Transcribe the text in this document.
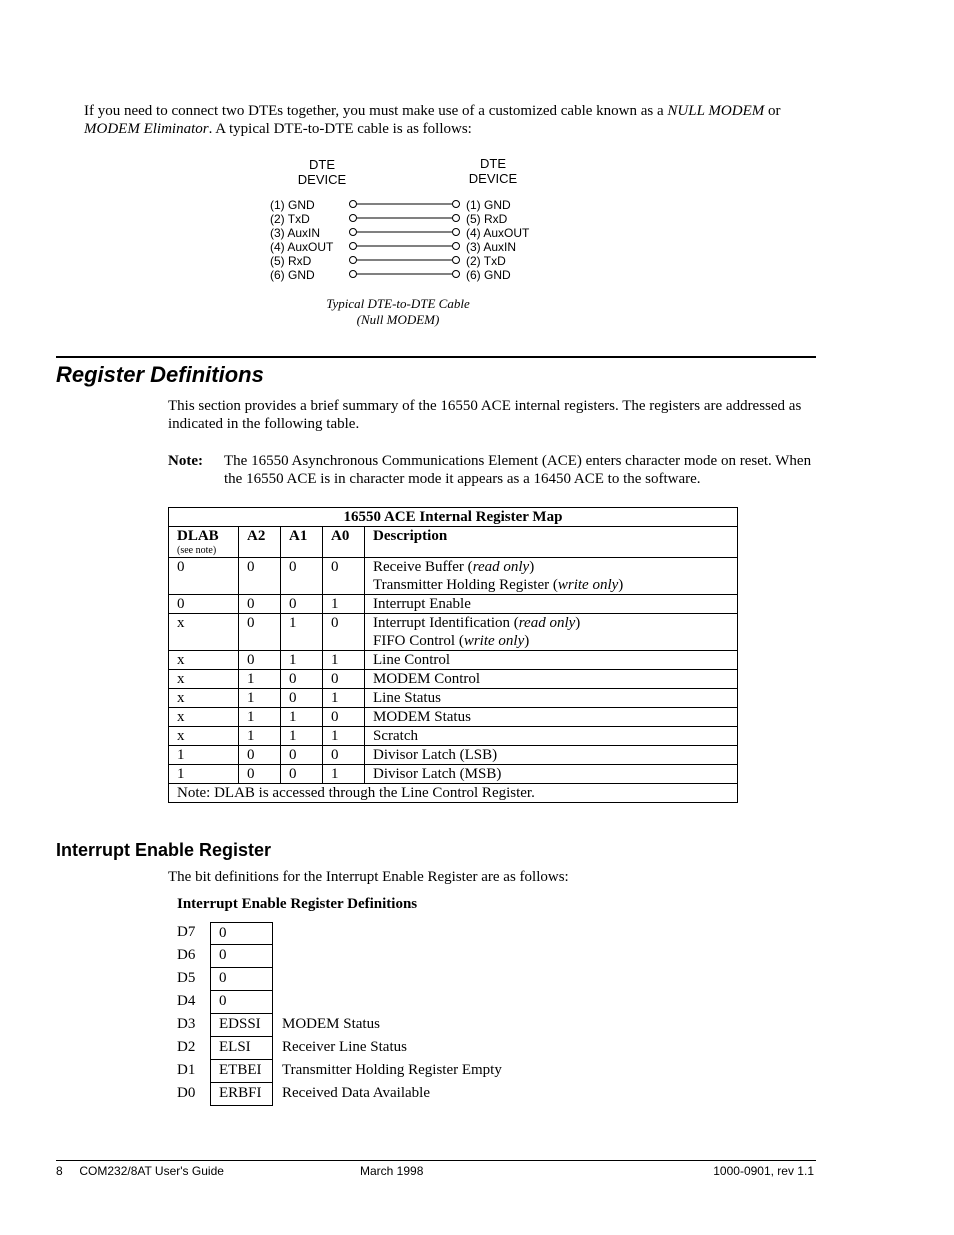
If you need to connect two DTEs together, you must make use of a customized cable known as a NULL MODEM or MODEM Eliminator. A typical DTE-to-DTE cable is as follows:
DTE
DEVICE
DTE
DEVICE
(1) GND
(2) TxD
(3) AuxIN
(4) AuxOUT
(5) RxD
(6) GND
(1) GND
(5) RxD
(4) AuxOUT
(3) AuxIN
(2) TxD
(6) GND
Typical DTE-to-DTE Cable
(Null MODEM)
Register Definitions
This section provides a brief summary of the 16550 ACE internal registers. The registers are addressed as indicated in the following table.
Note: The 16550 Asynchronous Communications Element (ACE) enters character mode on reset. When the 16550 ACE is in character mode it appears as a 16450 ACE to the software.
16550 ACE Internal Register Map				
DLAB
(see note)	A2	A1	A0	Description
0	0	0	0	Receive Buffer (read only)
Transmitter Holding Register (write only)

0	0	0	1	Interrupt Enable

x	0	1	0	Interrupt Identification (read only)
FIFO Control (write only)

x	0	1	1	Line Control

x	1	0	0	MODEM Control

x	1	0	1	Line Status

x	1	1	0	MODEM Status

x	1	1	1	Scratch

1	0	0	0	Divisor Latch (LSB)

1	0	0	1	Divisor Latch (MSB)

Note: DLAB is accessed through the Line Control Register.				
Interrupt Enable Register
The bit definitions for the Interrupt Enable Register are as follows:
Interrupt Enable Register Definitions
D7	0
D6	0
D5	0
D4	0
D3	EDSSI	MODEM Status
D2	ELSI	Receiver Line Status
D1	ETBEI	Transmitter Holding Register Empty
D0	ERBFI	Received Data Available
8     COM232/8AT User's Guide	March 1998	1000-0901, rev 1.1
